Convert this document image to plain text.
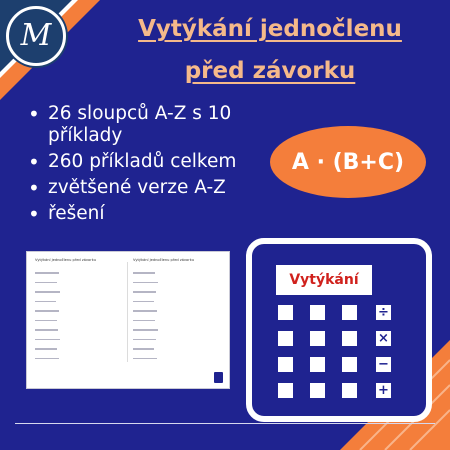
M	Vytýkání jednočlenu
před závorku
• 26 sloupců A-Z s 10 příklady
• 260 příkladů celkem
• zvětšené verze A-Z
• řešení
A · (B+C)
Vytýkání jednočlenu před závorku	Vytýkání jednočlenu před závorku
Vytýkání
÷
×
−
+
